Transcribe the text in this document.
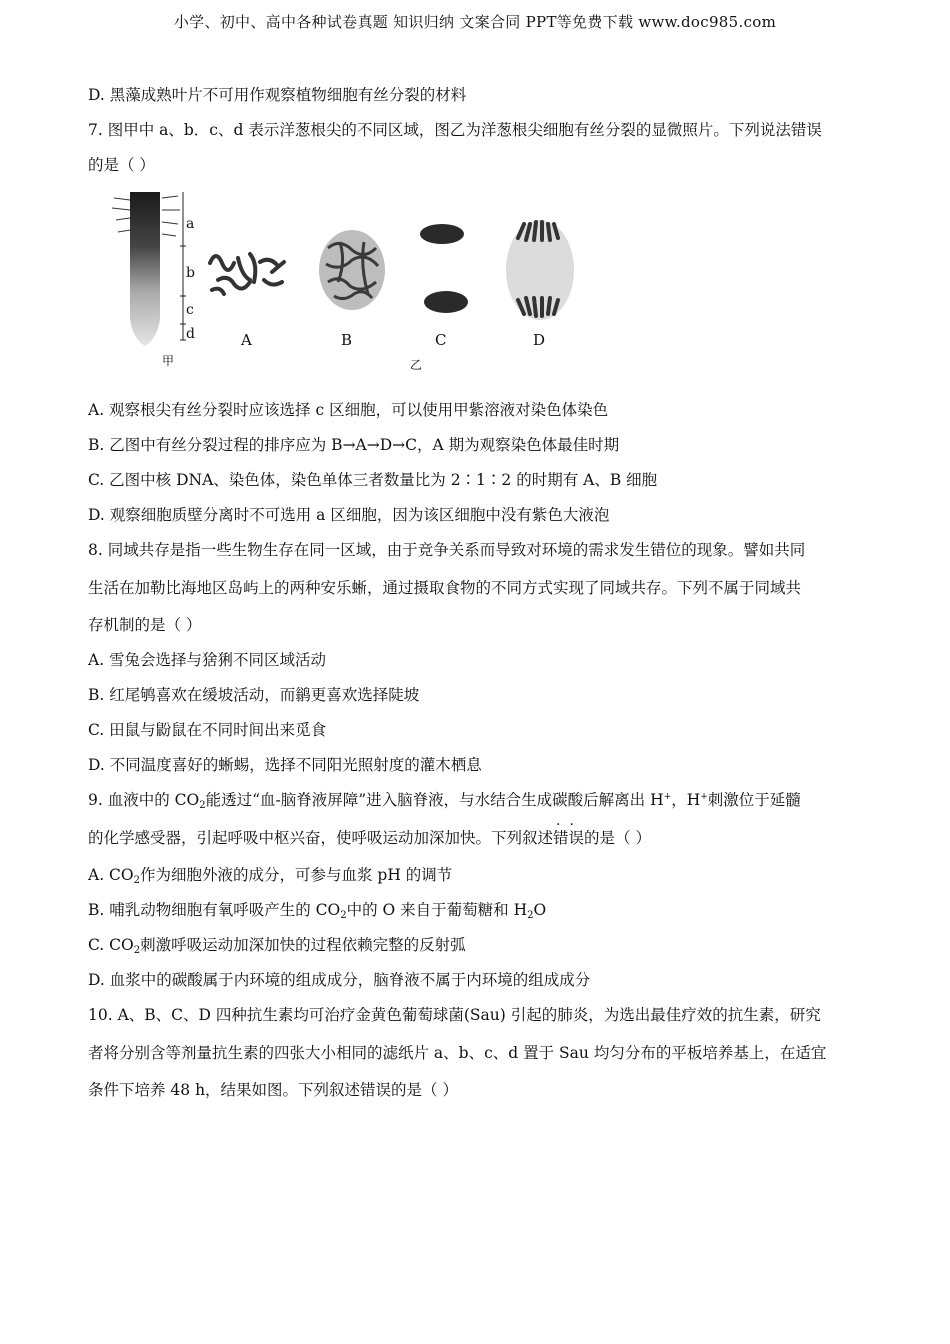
小学、初中、高中各种试卷真题 知识归纳 文案合同 PPT等免费下载 www.doc985.com
D. 黑藻成熟叶片不可用作观察植物细胞有丝分裂的材料
7. 图甲中 a、b．c、d 表示洋葱根尖的不同区域，图乙为洋葱根尖细胞有丝分裂的显微照片。下列说法错误
的是（ ）
a
b
c
d	A	B	C	D
甲	乙
A. 观察根尖有丝分裂时应该选择 c 区细胞，可以使用甲紫溶液对染色体染色
B. 乙图中有丝分裂过程的排序应为 B→A→D→C，A 期为观察染色体最佳时期
C. 乙图中核 DNA、染色体，染色单体三者数量比为 2∶1∶2 的时期有 A、B 细胞
D. 观察细胞质壁分离时不可选用 a 区细胞，因为该区细胞中没有紫色大液泡
8. 同域共存是指一些生物生存在同一区域，由于竞争关系而导致对环境的需求发生错位的现象。譬如共同
生活在加勒比海地区岛屿上的两种安乐蜥，通过摄取食物的不同方式实现了同域共存。下列不属于同域共
存机制的是（ ）
A. 雪兔会选择与猞猁不同区域活动
B. 红尾鸲喜欢在缓坡活动，而鹟更喜欢选择陡坡
C. 田鼠与鼢鼠在不同时间出来觅食
D. 不同温度喜好的蜥蜴，选择不同阳光照射度的灌木栖息
9. 血液中的 $CO_2$能透过“血-脑脊液屏障”进入脑脊液，与水结合生成碳酸后解离出 H+，H+刺激位于延髓
的化学感受器，引起呼吸中枢兴奋，使呼吸运动加深加快。下列叙述错误
··
的是（ ）
A. $CO_2$作为细胞外液的成分，可参与血浆 pH 的调节
B. 哺乳动物细胞有氧呼吸产生的 $CO_2$中的 O 来自于葡萄糖和 $H_2O$
C. $CO_2$刺激呼吸运动加深加快的过程依赖完整的反射弧
D. 血浆中的碳酸属于内环境的组成成分，脑脊液不属于内环境的组成成分
10. A、B、C、D 四种抗生素均可治疗金黄色葡萄球菌(Sau) 引起的肺炎，为选出最佳疗效的抗生素，研究
者将分别含等剂量抗生素的四张大小相同的滤纸片 a、b、c、d 置于 Sau 均匀分布的平板培养基上，在适宜
条件下培养 48 h，结果如图。下列叙述错误的是（ ）
